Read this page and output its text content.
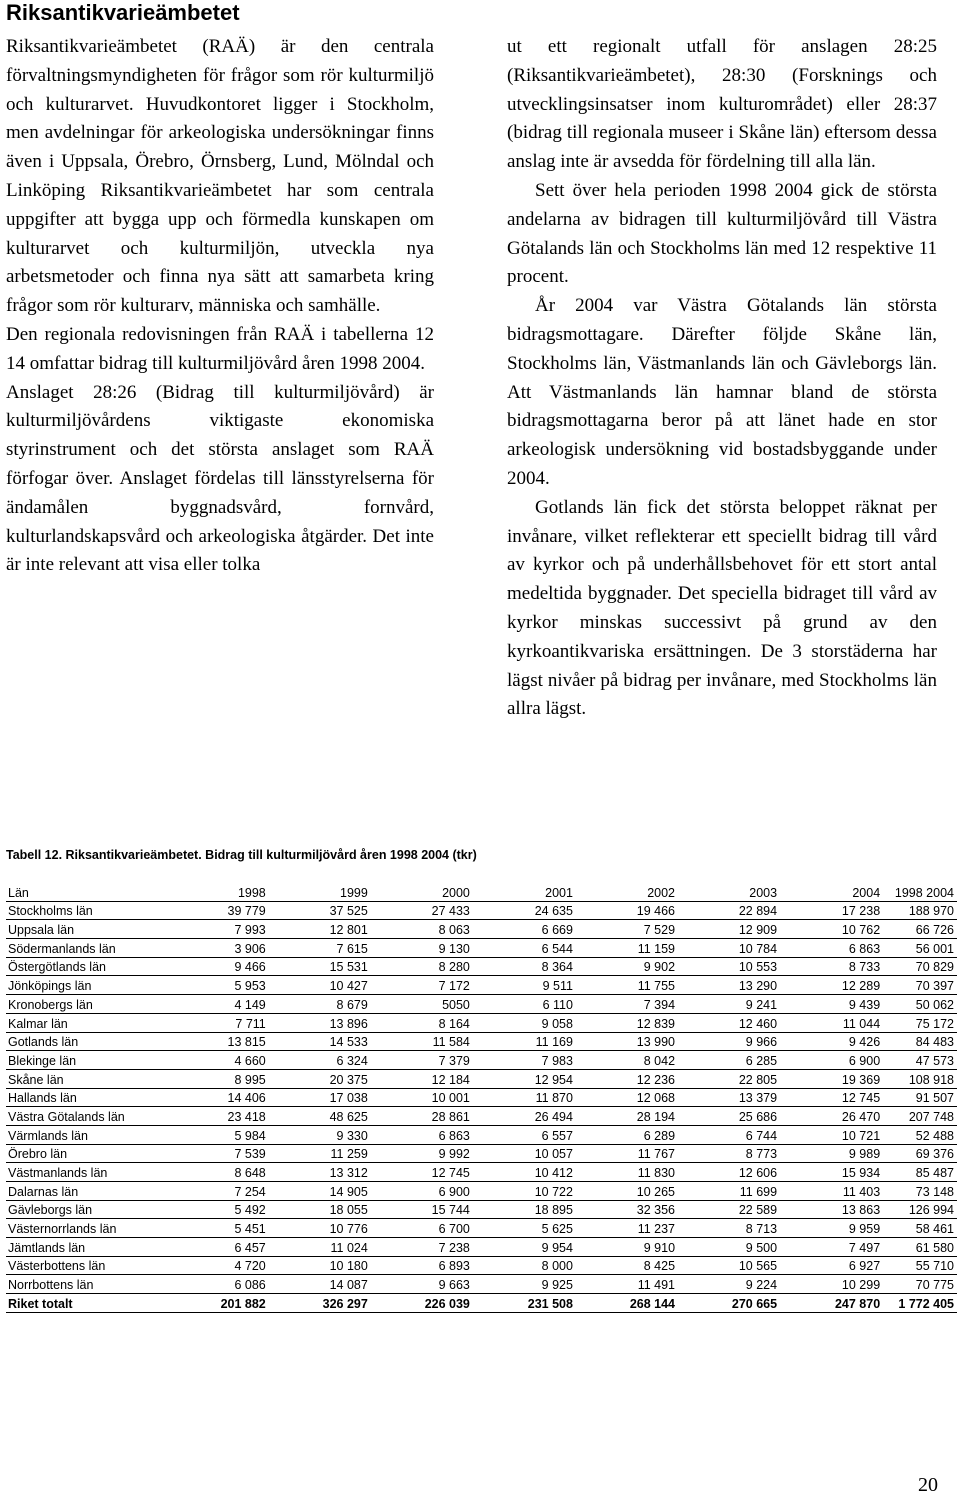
Riksantikvarieämbetet

Riksantikvarieämbetet (RAÄ) är den centrala förvaltningsmyndigheten för frågor som rör kulturmiljö och kulturarvet. Huvudkontoret ligger i Stockholm, men avdelningar för arkeologiska undersökningar finns även i Uppsala, Örebro, Örnsberg, Lund, Mölndal och Linköping Riksantikvarieämbetet har som centrala uppgifter att bygga upp och förmedla kunskapen om kulturarvet och kulturmiljön, utveckla nya arbetsmetoder och finna nya sätt att samarbeta kring frågor som rör kulturarv, människa och samhälle.

Den regionala redovisningen från RAÄ i tabellerna 12 14 omfattar bidrag till kulturmiljövård åren 1998 2004.

Anslaget 28:26 (Bidrag till kulturmiljövård) är kulturmiljövårdens viktigaste ekonomiska styrinstrument och det största anslaget som RAÄ förfogar över. Anslaget fördelas till länsstyrelserna för ändamålen byggnadsvård, fornvård, kulturlandskapsvård och arkeologiska åtgärder. Det inte är inte relevant att visa eller tolka

ut ett regionalt utfall för anslagen 28:25 (Riksantikvarieämbetet), 28:30 (Forsknings och utvecklingsinsatser inom kulturområdet) eller 28:37 (bidrag till regionala museer i Skåne län) eftersom dessa anslag inte är avsedda för fördelning till alla län.

Sett över hela perioden 1998 2004 gick de största andelarna av bidragen till kulturmiljövård till Västra Götalands län och Stockholms län med 12 respektive 11 procent.

År 2004 var Västra Götalands län största bidragsmottagare. Därefter följde Skåne län, Stockholms län, Västmanlands län och Gävleborgs län. Att Västmanlands län hamnar bland de största bidragsmottagarna beror på att länet hade en stor arkeologisk undersökning vid bostadsbyggande under 2004.

Gotlands län fick det största beloppet räknat per invånare, vilket reflekterar ett speciellt bidrag till vård av kyrkor och på underhållsbehovet för ett stort antal medeltida byggnader. Det speciella bidraget till vård av kyrkor minskas successivt på grund av den kyrkoantikvariska ersättningen. De 3 storstäderna har lägst nivåer på bidrag per invånare, med Stockholms län allra lägst.

Tabell 12. Riksantikvarieämbetet. Bidrag till kulturmiljövård åren 1998 2004 (tkr)

Län	1998	1999	2000	2001	2002	2003	2004	1998 2004
Stockholms län	39 779	37 525	27 433	24 635	19 466	22 894	17 238	188 970
Uppsala län	7 993	12 801	8 063	6 669	7 529	12 909	10 762	66 726
Södermanlands län	3 906	7 615	9 130	6 544	11 159	10 784	6 863	56 001
Östergötlands län	9 466	15 531	8 280	8 364	9 902	10 553	8 733	70 829
Jönköpings län	5 953	10 427	7 172	9 511	11 755	13 290	12 289	70 397
Kronobergs län	4 149	8 679	5050	6 110	7 394	9 241	9 439	50 062
Kalmar län	7 711	13 896	8 164	9 058	12 839	12 460	11 044	75 172
Gotlands län	13 815	14 533	11 584	11 169	13 990	9 966	9 426	84 483
Blekinge län	4 660	6 324	7 379	7 983	8 042	6 285	6 900	47 573
Skåne län	8 995	20 375	12 184	12 954	12 236	22 805	19 369	108 918
Hallands län	14 406	17 038	10 001	11 870	12 068	13 379	12 745	91 507
Västra Götalands län	23 418	48 625	28 861	26 494	28 194	25 686	26 470	207 748
Värmlands län	5 984	9 330	6 863	6 557	6 289	6 744	10 721	52 488
Örebro län	7 539	11 259	9 992	10 057	11 767	8 773	9 989	69 376
Västmanlands län	8 648	13 312	12 745	10 412	11 830	12 606	15 934	85 487
Dalarnas län	7 254	14 905	6 900	10 722	10 265	11 699	11 403	73 148
Gävleborgs län	5 492	18 055	15 744	18 895	32 356	22 589	13 863	126 994
Västernorrlands län	5 451	10 776	6 700	5 625	11 237	8 713	9 959	58 461
Jämtlands län	6 457	11 024	7 238	9 954	9 910	9 500	7 497	61 580
Västerbottens län	4 720	10 180	6 893	8 000	8 425	10 565	6 927	55 710
Norrbottens län	6 086	14 087	9 663	9 925	11 491	9 224	10 299	70 775
Riket totalt	201 882	326 297	226 039	231 508	268 144	270 665	247 870	1 772 405
20
